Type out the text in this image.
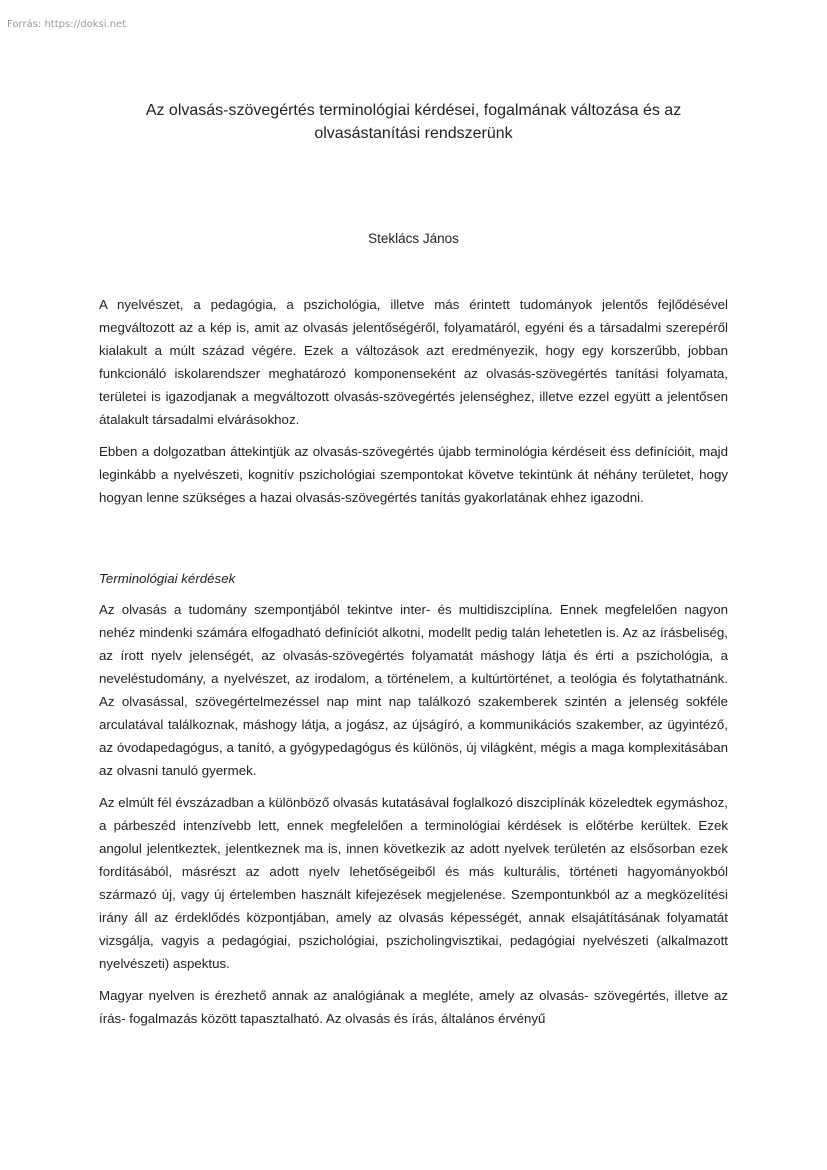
Forrás: https://doksi.net
Az olvasás-szövegértés terminológiai kérdései, fogalmának változása és az olvasástanítási rendszerünk
Steklács János

A nyelvészet, a pedagógia, a pszichológia, illetve más érintett tudományok jelentős fejlődésével megváltozott az a kép is, amit az olvasás jelentőségéről, folyamatáról, egyéni és a társadalmi szerepéről kialakult a múlt század végére. Ezek a változások azt eredményezik, hogy egy korszerűbb, jobban funkcionáló iskolarendszer meghatározó komponenseként az olvasás-szövegértés tanítási folyamata, területei is igazodjanak a megváltozott olvasás-szövegértés jelenséghez, illetve ezzel együtt a jelentősen átalakult társadalmi elvárásokhoz.

Ebben a dolgozatban áttekintjük az olvasás-szövegértés újabb terminológia kérdéseit éss definícióit, majd leginkább a nyelvészeti, kognitív pszichológiai szempontokat követve tekintünk át néhány területet, hogy hogyan lenne szükséges a hazai olvasás-szövegértés tanítás gyakorlatának ehhez igazodni.

Terminológiai kérdések

Az olvasás a tudomány szempontjából tekintve inter- és multidiszciplína. Ennek megfelelően nagyon nehéz mindenki számára elfogadható definíciót alkotni, modellt pedig talán lehetetlen is. Az az írásbeliség, az írott nyelv jelenségét, az olvasás-szövegértés folyamatát máshogy látja és érti a pszichológia, a neveléstudomány, a nyelvészet, az irodalom, a történelem, a kultúrtörténet, a teológia és folytathatnánk. Az olvasással, szövegértelmezéssel nap mint nap találkozó szakemberek szintén a jelenség sokféle arculatával találkoznak, máshogy látja, a jogász, az újságíró, a kommunikációs szakember, az ügyintéző, az óvodapedagógus, a tanító, a gyógypedagógus és különös, új világként, mégis a maga komplexitásában az olvasni tanuló gyermek.

Az elmúlt fél évszázadban a különböző olvasás kutatásával foglalkozó diszciplínák közeledtek egymáshoz, a párbeszéd intenzívebb lett, ennek megfelelően a terminológiai kérdések is előtérbe kerültek. Ezek angolul jelentkeztek, jelentkeznek ma is, innen következik az adott nyelvek területén az elsősorban ezek fordításából, másrészt az adott nyelv lehetőségeiből és más kulturális, történeti hagyományokból származó új, vagy új értelemben használt kifejezések megjelenése. Szempontunkból az a megközelítési irány áll az érdeklődés központjában, amely az olvasás képességét, annak elsajátításának folyamatát vizsgálja, vagyis a pedagógiai, pszichológiai, pszicholingvisztikai, pedagógiai nyelvészeti (alkalmazott nyelvészeti) aspektus.

Magyar nyelven is érezhető annak az analógiának a megléte, amely az olvasás- szövegértés, illetve az írás- fogalmazás között tapasztalható. Az olvasás és írás, általános érvényű
